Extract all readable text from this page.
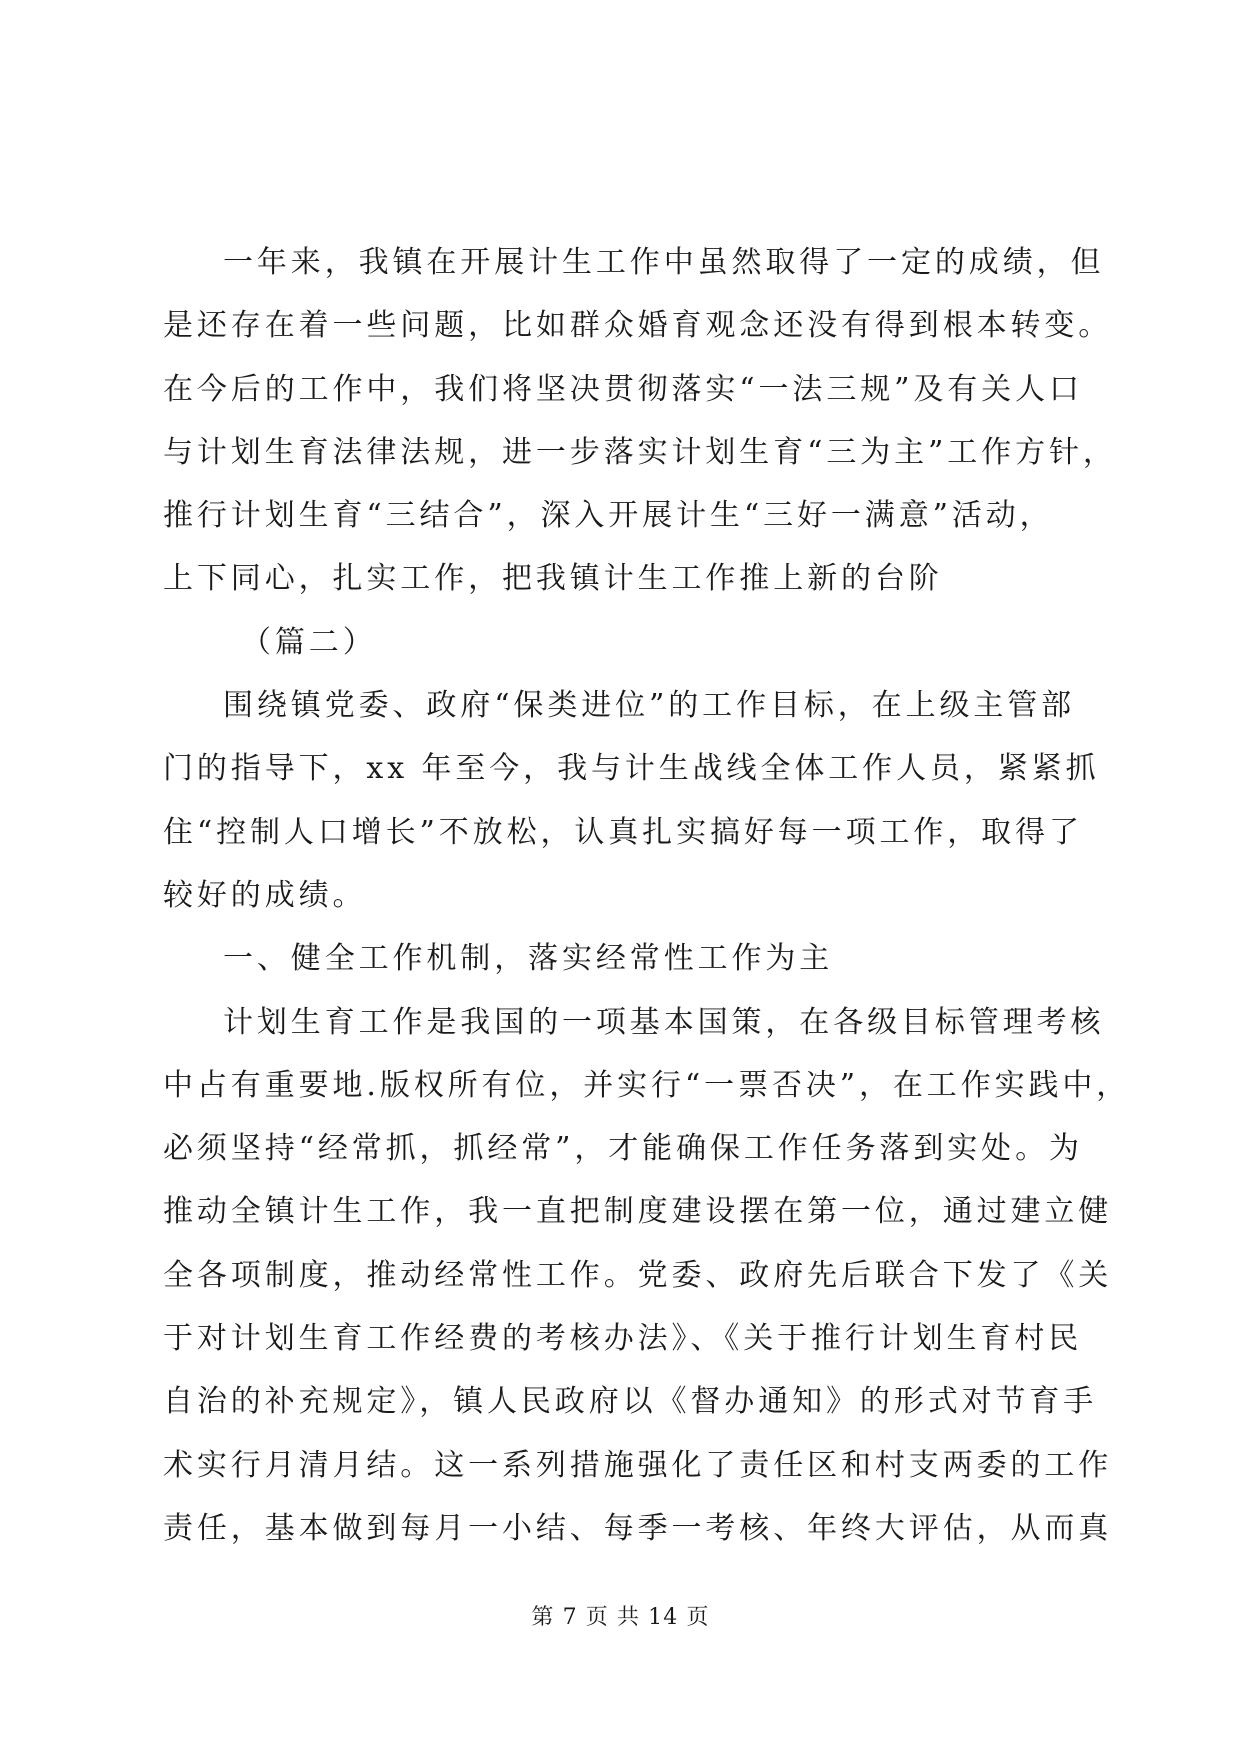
一年来，我镇在开展计生工作中虽然取得了一定的成绩，但
是还存在着一些问题，比如群众婚育观念还没有得到根本转变。
在今后的工作中，我们将坚决贯彻落实“一法三规”及有关人口
与计划生育法律法规，进一步落实计划生育“三为主”工作方针，
推行计划生育“三结合”，深入开展计生“三好一满意”活动，
上下同心，扎实工作，把我镇计生工作推上新的台阶
（篇二）
围绕镇党委、政府“保类进位”的工作目标，在上级主管部
门的指导下，xx 年至今，我与计生战线全体工作人员，紧紧抓
住“控制人口增长”不放松，认真扎实搞好每一项工作，取得了
较好的成绩。
一、健全工作机制，落实经常性工作为主
计划生育工作是我国的一项基本国策，在各级目标管理考核
中占有重要地.版权所有位，并实行“一票否决”，在工作实践中，
必须坚持“经常抓，抓经常”，才能确保工作任务落到实处。为
推动全镇计生工作，我一直把制度建设摆在第一位，通过建立健
全各项制度，推动经常性工作。党委、政府先后联合下发了《关
于对计划生育工作经费的考核办法》、《关于推行计划生育村民
自治的补充规定》，镇人民政府以《督办通知》的形式对节育手
术实行月清月结。这一系列措施强化了责任区和村支两委的工作
责任，基本做到每月一小结、每季一考核、年终大评估，从而真
第 7 页 共 14 页
